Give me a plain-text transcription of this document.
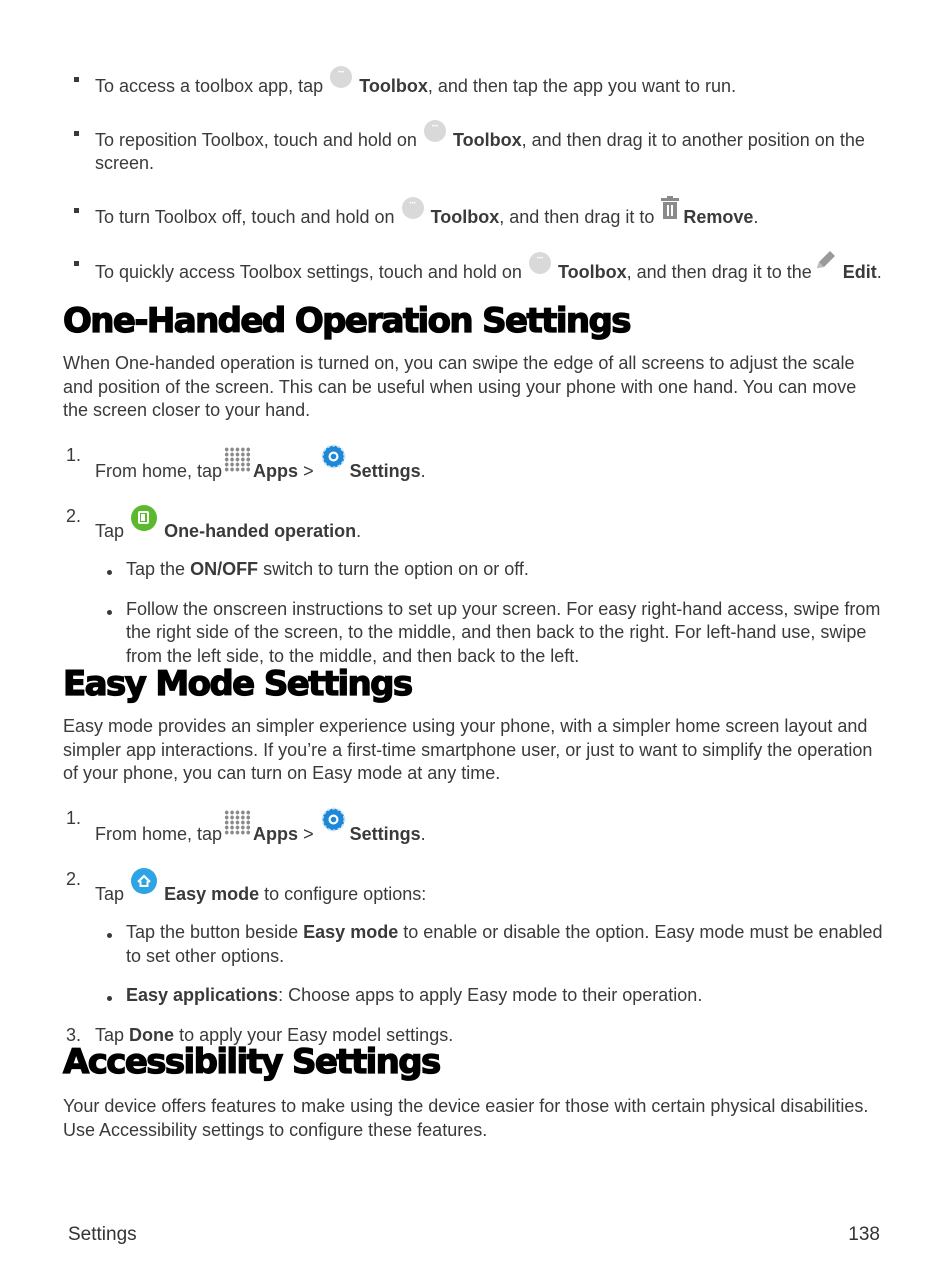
To access a toolbox app, tap ••• Toolbox, and then tap the app you want to run.
To reposition Toolbox, touch and hold on ••• Toolbox, and then drag it to another position on the screen.
To turn Toolbox off, touch and hold on ••• Toolbox, and then drag it to Remove.
To quickly access Toolbox settings, touch and hold on ••• Toolbox, and then drag it to the Edit.
One-Handed Operation Settings

When One-handed operation is turned on, you can swipe the edge of all screens to adjust the scale and position of the screen. This can be useful when using your phone with one hand. You can move the screen closer to your hand.

1.
From home, tap Apps > Settings.
2.
Tap One-handed operation.
Tap the ON/OFF switch to turn the option on or off.
Follow the onscreen instructions to set up your screen. For easy right-hand access, swipe from the right side of the screen, to the middle, and then back to the right. For left-hand use, swipe from the left side, to the middle, and then back to the left.
Easy Mode Settings

Easy mode provides an simpler experience using your phone, with a simpler home screen layout and simpler app interactions. If you’re a first-time smartphone user, or just to want to simplify the operation of your phone, you can turn on Easy mode at any time.

1.
From home, tap Apps > Settings.
2.
Tap Easy mode to configure options:
Tap the button beside Easy mode to enable or disable the option. Easy mode must be enabled to set other options.
Easy applications: Choose apps to apply Easy mode to their operation.
3. Tap Done to apply your Easy model settings.
Accessibility Settings

Your device offers features to make using the device easier for those with certain physical disabilities. Use Accessibility settings to configure these features.

Settings	138
